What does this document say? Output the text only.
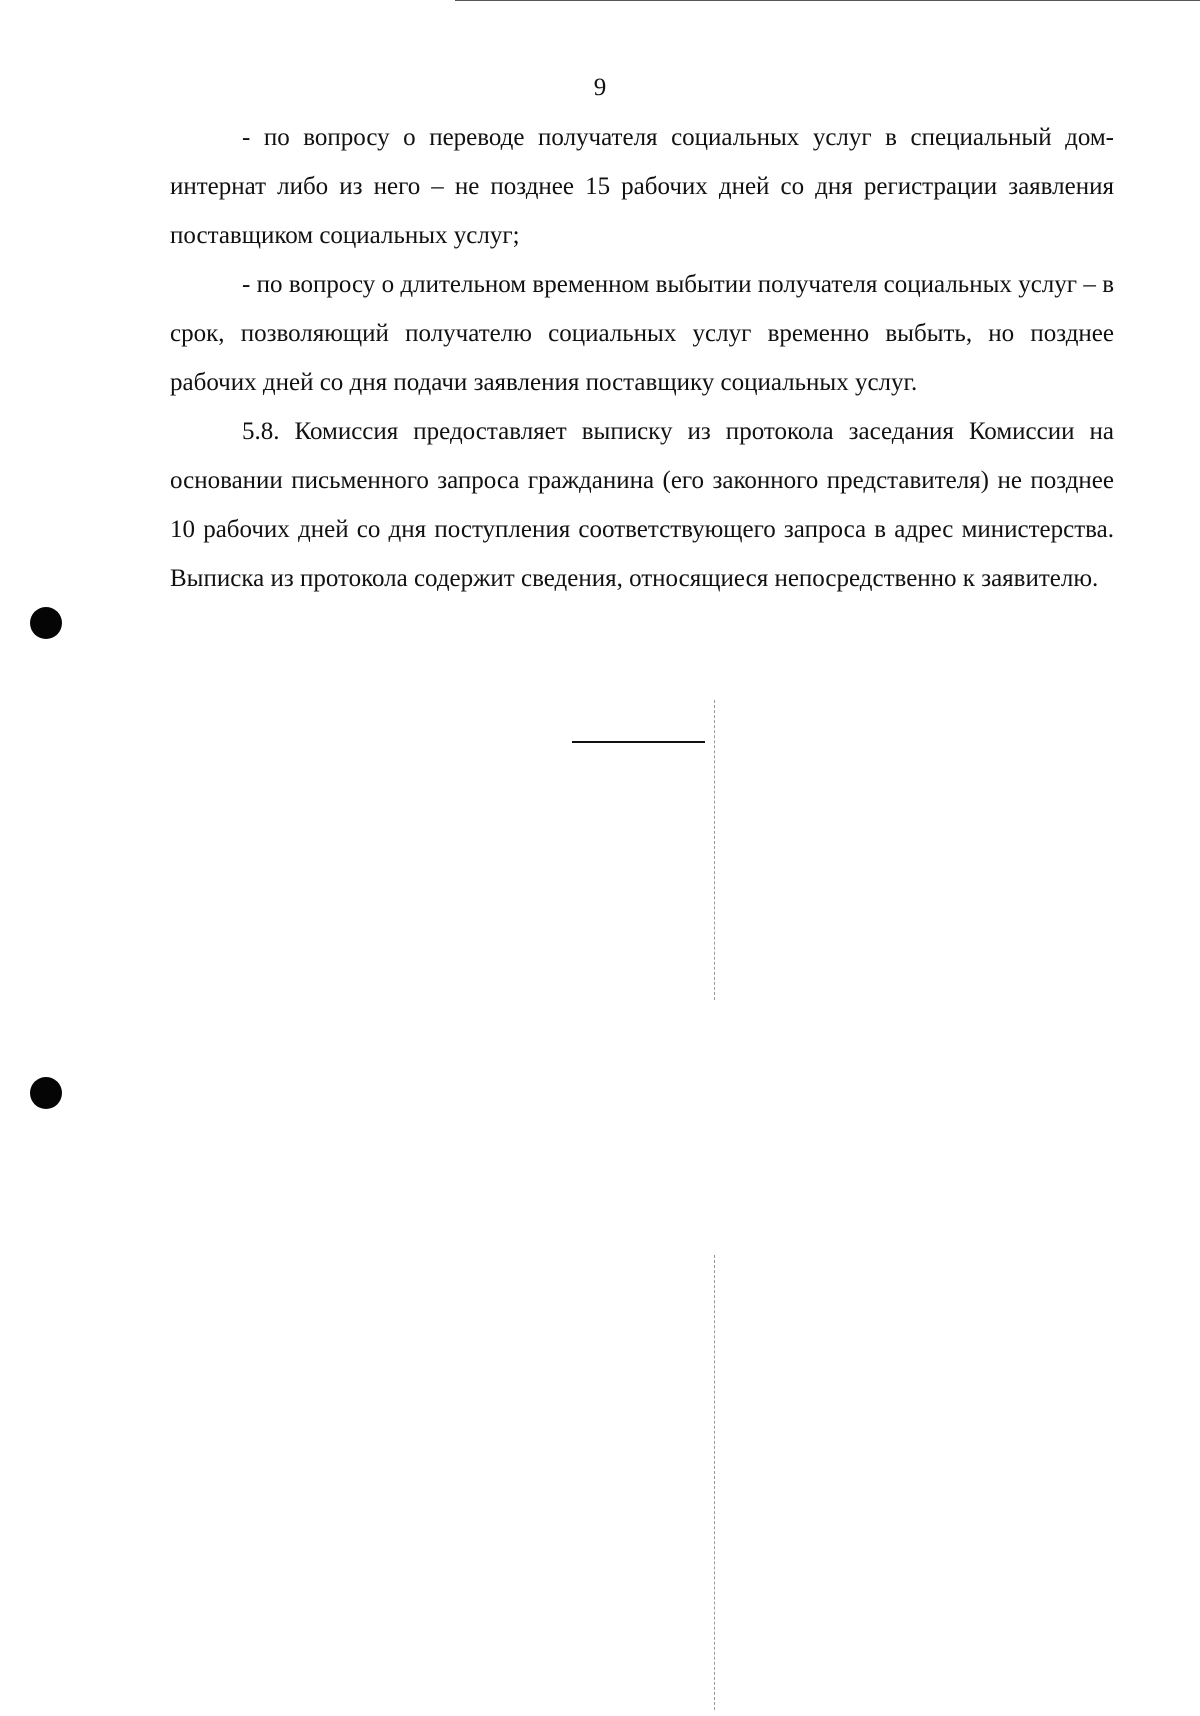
9

- по вопросу о переводе получателя социальных услуг в специальный дом-интернат либо из него – не позднее 15 рабочих дней со дня регистрации заявления поставщиком социальных услуг;

- по вопросу о длительном временном выбытии получателя социальных услуг – в срок, позволяющий получателю социальных услуг временно выбыть, но позднее рабочих дней со дня подачи заявления поставщику социальных услуг.

5.8. Комиссия предоставляет выписку из протокола заседания Комиссии на основании письменного запроса гражданина (его законного представителя) не позднее 10 рабочих дней со дня поступления соответствующего запроса в адрес министерства. Выписка из протокола содержит сведения, относящиеся непосредственно к заявителю.
